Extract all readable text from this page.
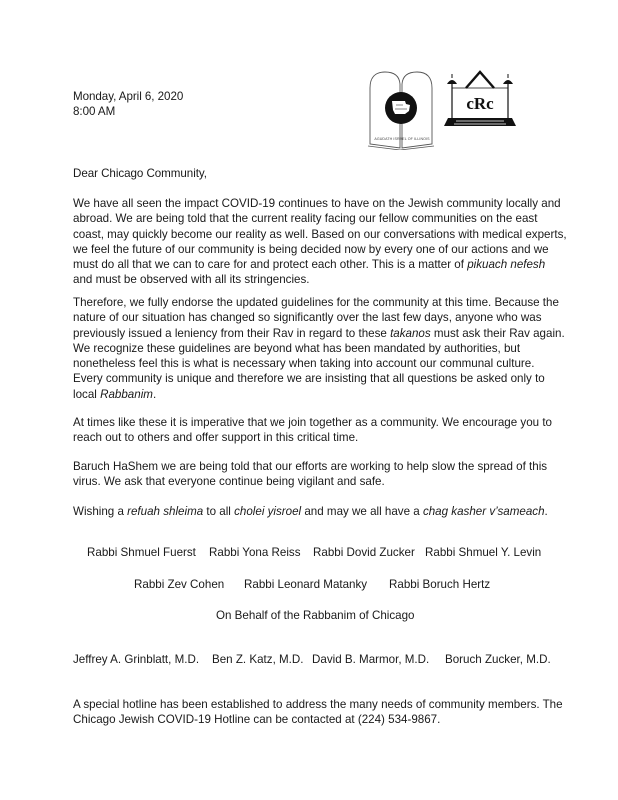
Monday, April 6, 2020
8:00 AM
AGUDATH ISRAEL OF ILLINOIS
cRc
Dear Chicago Community,
We have all seen the impact COVID-19 continues to have on the Jewish community locally and
abroad. We are being told that the current reality facing our fellow communities on the east
coast, may quickly become our reality as well. Based on our conversations with medical experts,
we feel the future of our community is being decided now by every one of our actions and we
must do all that we can to care for and protect each other. This is a matter of pikuach nefesh
and must be observed with all its stringencies.
Therefore, we fully endorse the updated guidelines for the community at this time. Because the
nature of our situation has changed so significantly over the last few days, anyone who was
previously issued a leniency from their Rav in regard to these takanos must ask their Rav again.
We recognize these guidelines are beyond what has been mandated by authorities, but
nonetheless feel this is what is necessary when taking into account our communal culture.
Every community is unique and therefore we are insisting that all questions be asked only to
local Rabbanim.
At times like these it is imperative that we join together as a community. We encourage you to
reach out to others and offer support in this critical time.
Baruch HaShem we are being told that our efforts are working to help slow the spread of this
virus. We ask that everyone continue being vigilant and safe.
Wishing a refuah shleima to all cholei yisroel and may we all have a chag kasher v’sameach.
Rabbi Shmuel Fuerst Rabbi Yona Reiss Rabbi Dovid Zucker Rabbi Shmuel Y. Levin
Rabbi Zev Cohen Rabbi Leonard Matanky Rabbi Boruch Hertz
On Behalf of the Rabbanim of Chicago
Jeffrey A. Grinblatt, M.D. Ben Z. Katz, M.D. David B. Marmor, M.D. Boruch Zucker, M.D.
A special hotline has been established to address the many needs of community members. The
Chicago Jewish COVID-19 Hotline can be contacted at (224) 534-9867.
